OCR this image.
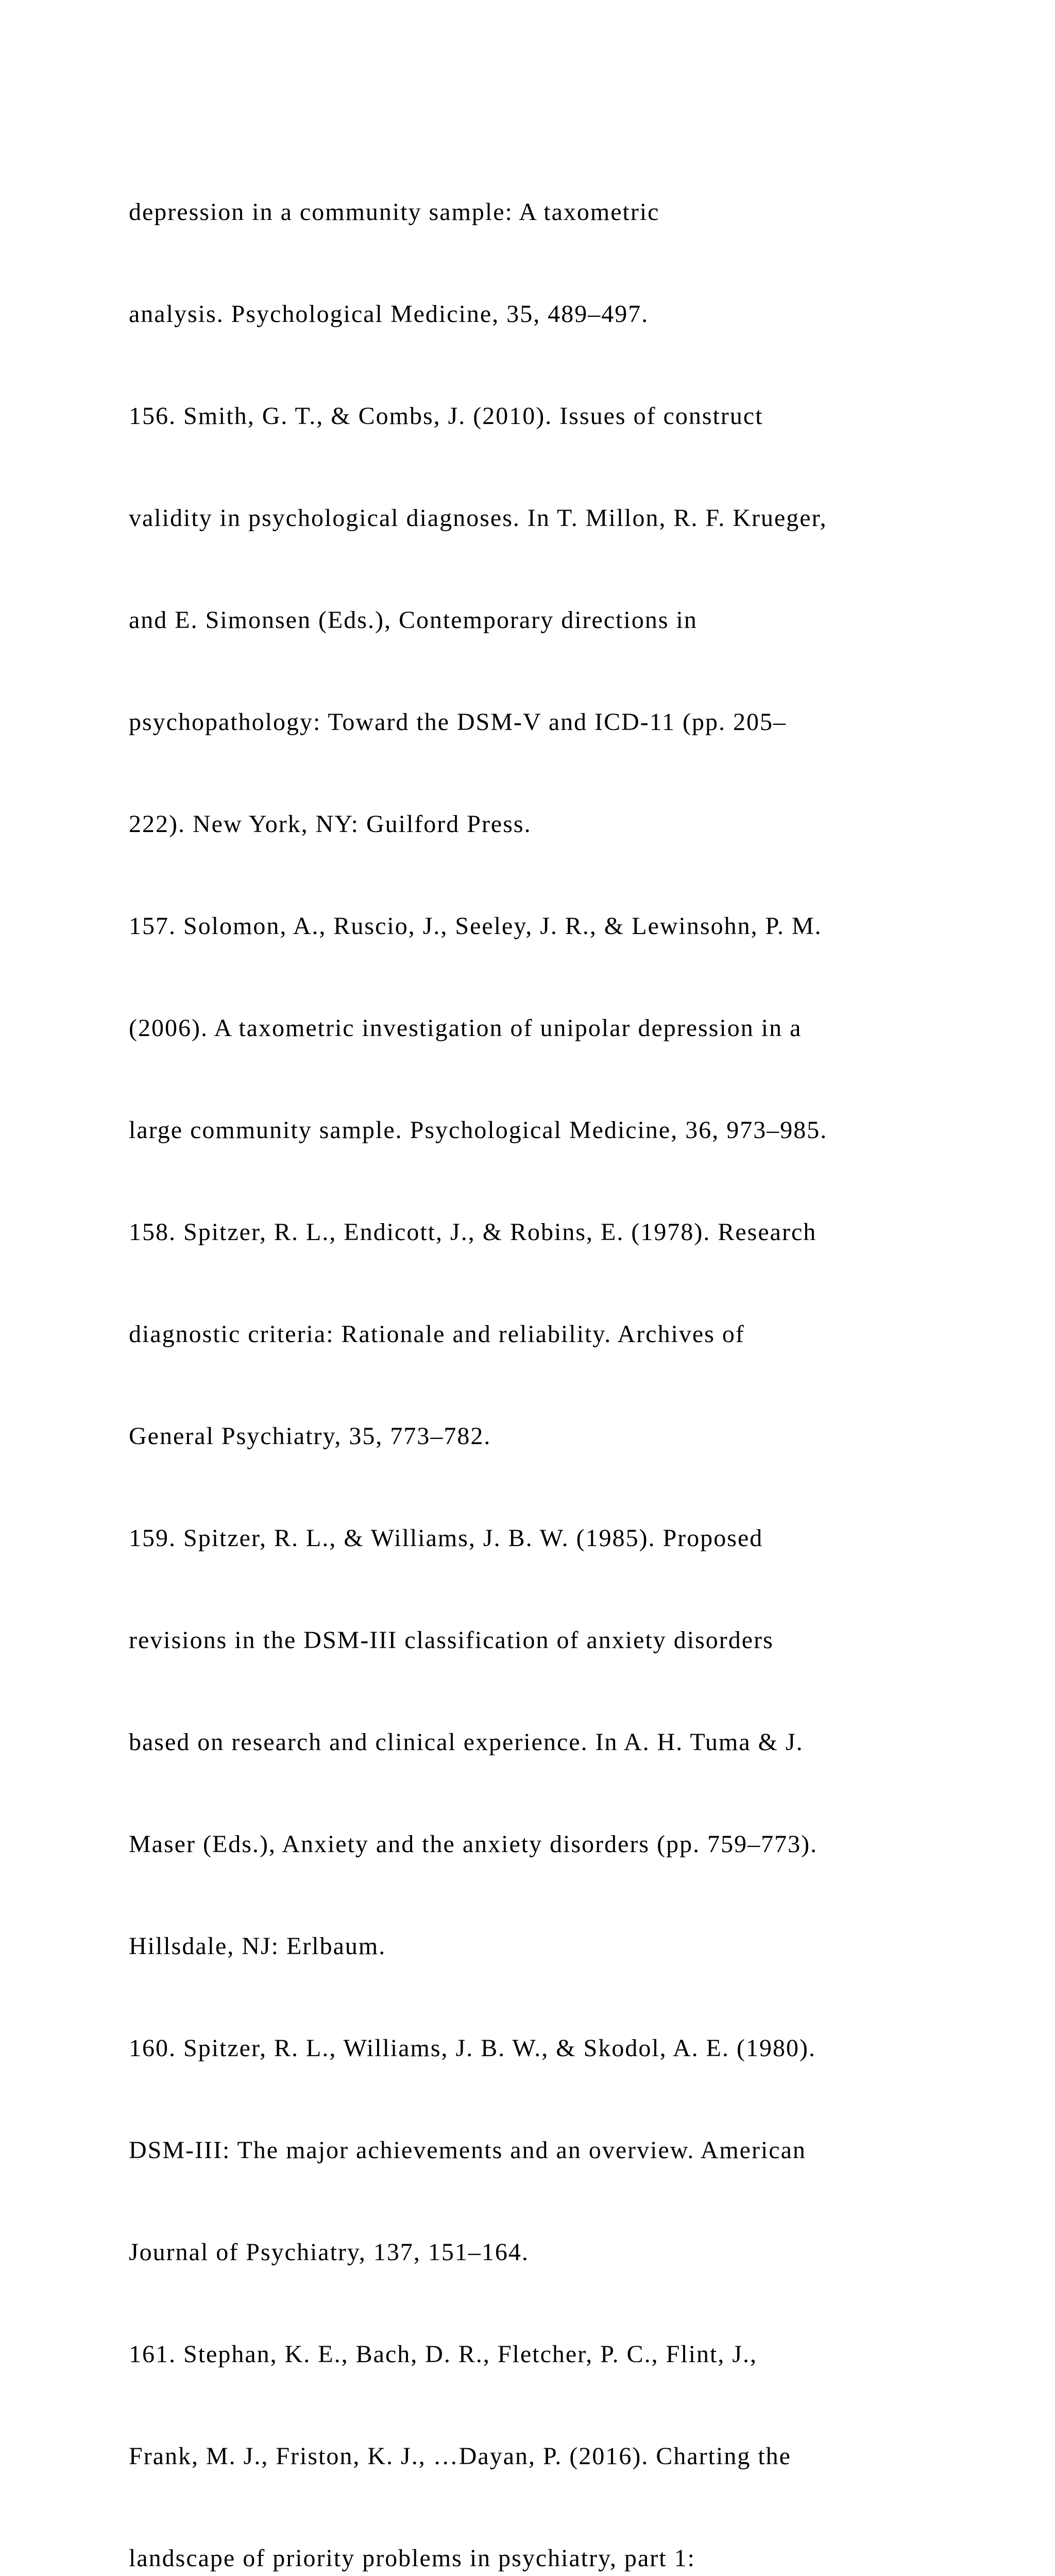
depression in a community sample: A taxometric

analysis. Psychological Medicine, 35, 489–497.

156. Smith, G. T., & Combs, J. (2010). Issues of construct

validity in psychological diagnoses. In T. Millon, R. F. Krueger,

and E. Simonsen (Eds.), Contemporary directions in

psychopathology: Toward the DSM-V and ICD-11 (pp. 205–

222). New York, NY: Guilford Press.

157. Solomon, A., Ruscio, J., Seeley, J. R., & Lewinsohn, P. M.

(2006). A taxometric investigation of unipolar depression in a

large community sample. Psychological Medicine, 36, 973–985.

158. Spitzer, R. L., Endicott, J., & Robins, E. (1978). Research

diagnostic criteria: Rationale and reliability. Archives of

General Psychiatry, 35, 773–782.

159. Spitzer, R. L., & Williams, J. B. W. (1985). Proposed

revisions in the DSM-III classification of anxiety disorders

based on research and clinical experience. In A. H. Tuma & J.

Maser (Eds.), Anxiety and the anxiety disorders (pp. 759–773).

Hillsdale, NJ: Erlbaum.

160. Spitzer, R. L., Williams, J. B. W., & Skodol, A. E. (1980).

DSM-III: The major achievements and an overview. American

Journal of Psychiatry, 137, 151–164.

161. Stephan, K. E., Bach, D. R., Fletcher, P. C., Flint, J.,

Frank, M. J., Friston, K. J., …Dayan, P. (2016). Charting the

landscape of priority problems in psychiatry, part 1:
